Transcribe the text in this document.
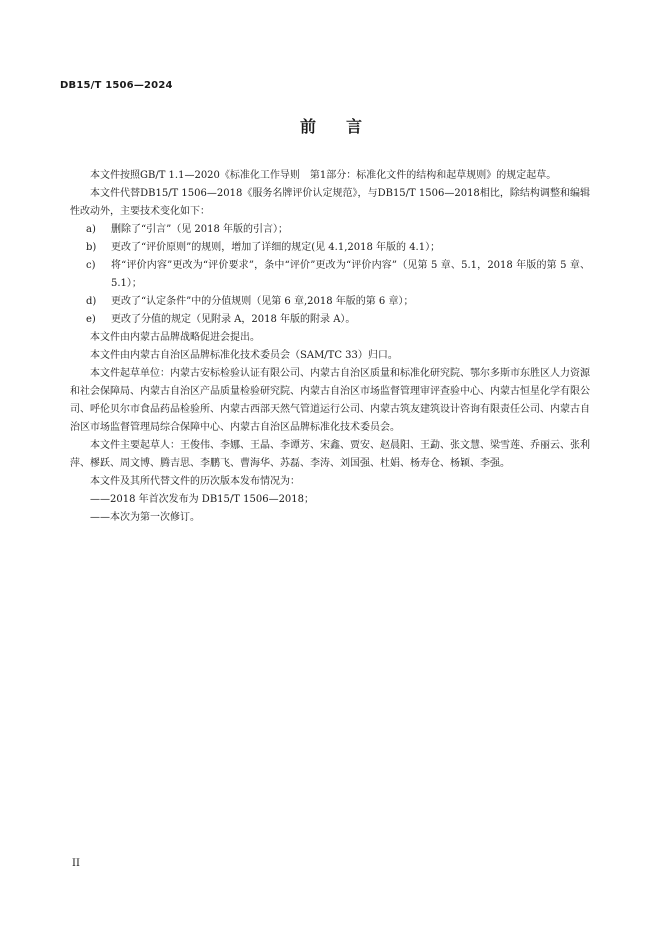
DB15/T 1506—2024
前言

本文件按照GB/T 1.1—2020《标准化工作导则　第1部分：标准化文件的结构和起草规则》的规定起草。

本文件代替DB15/T 1506—2018《服务名牌评价认定规范》，与DB15/T 1506—2018相比，除结构调整和编辑性改动外，主要技术变化如下：

a) 删除了“引言”（见 2018 年版的引言）；

b) 更改了“评价原则”的规则，增加了详细的规定(见 4.1,2018 年版的 4.1）；

c) 将“评价内容”更改为“评价要求”，条中“评价”更改为“评价内容”（见第 5 章、5.1，2018 年版的第 5 章、5.1）；

d) 更改了“认定条件”中的分值规则（见第 6 章,2018 年版的第 6 章）；

e) 更改了分值的规定（见附录 A，2018 年版的附录 A）。

本文件由内蒙古品牌战略促进会提出。

本文件由内蒙古自治区品牌标准化技术委员会（SAM/TC 33）归口。

本文件起草单位：内蒙古安标检验认证有限公司、内蒙古自治区质量和标准化研究院、鄂尔多斯市东胜区人力资源和社会保障局、内蒙古自治区产品质量检验研究院、内蒙古自治区市场监督管理审评查验中心、内蒙古恒星化学有限公司、呼伦贝尔市食品药品检验所、内蒙古西部天然气管道运行公司、内蒙古筑友建筑设计咨询有限责任公司、内蒙古自治区市场监督管理局综合保障中心、内蒙古自治区品牌标准化技术委员会。

本文件主要起草人：王俊伟、李娜、王晶、李谭芳、宋鑫、贾安、赵晨阳、王勐、张文慧、梁雪莲、乔丽云、张利萍、樛跃、周文博、腾吉思、李鹏飞、曹海华、苏磊、李涛、刘国强、杜娟、杨寿仓、杨颖、李强。

本文件及其所代替文件的历次版本发布情况为：

——2018 年首次发布为 DB15/T 1506—2018；

——本次为第一次修订。

II
